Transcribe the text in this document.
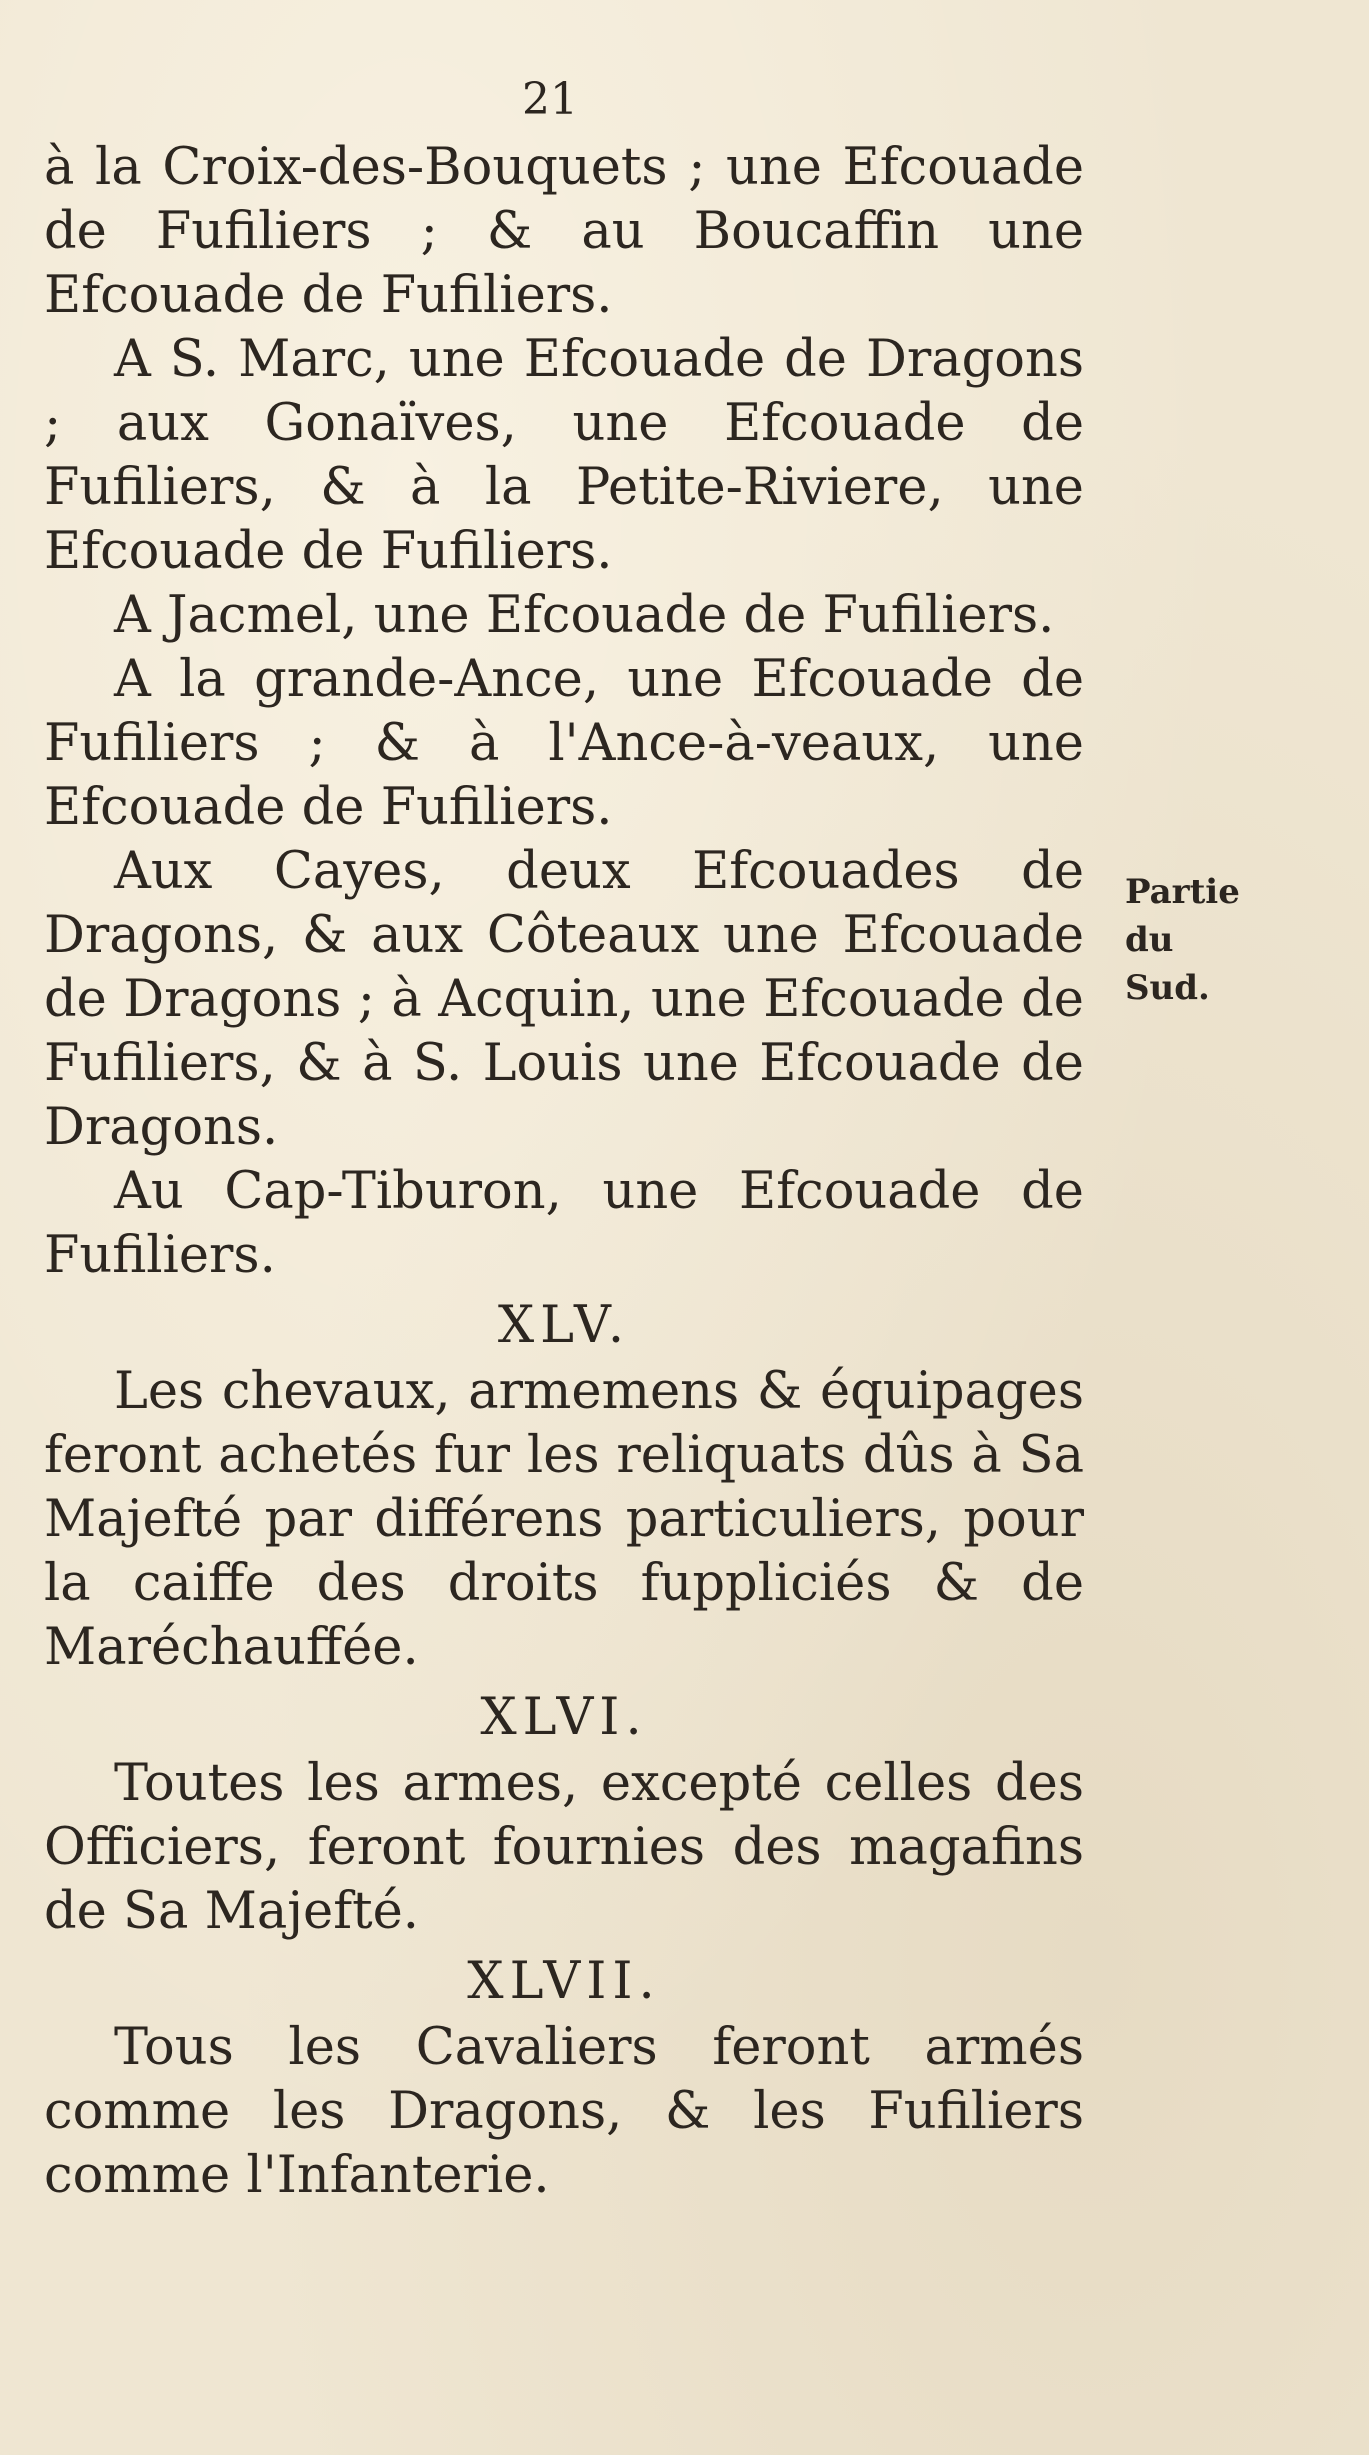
21

à la Croix-des-Bouquets ; une Efcouade de Fufiliers ; & au Boucaffin une Efcouade de Fufiliers.

A S. Marc, une Efcouade de Dragons ; aux Gonaïves, une Efcouade de Fufiliers, & à la Petite-Riviere, une Efcouade de Fufiliers.

A Jacmel, une Efcouade de Fufiliers.

A la grande-Ance, une Efcouade de Fufiliers ; & à l'Ance-à-veaux, une Efcouade de Fufiliers.

Aux Cayes, deux Efcouades de Dragons, & aux Côteaux une Efcouade de Dragons ; à Acquin, une Efcouade de Fufiliers, & à S. Louis une Efcouade de Dragons.

Au Cap-Tiburon, une Efcouade de Fufiliers.

XLV.

Les chevaux, armemens & équipages feront achetés fur les reliquats dûs à Sa Majefté par différens particuliers, pour la caiffe des droits fuppliciés & de Maréchauffée.

XLVI.

Toutes les armes, excepté celles des Officiers, feront fournies des magafins de Sa Majefté.

XLVII.

Tous les Cavaliers feront armés comme les Dragons, & les Fufiliers comme l'Infanterie.

Partie du
Sud.
